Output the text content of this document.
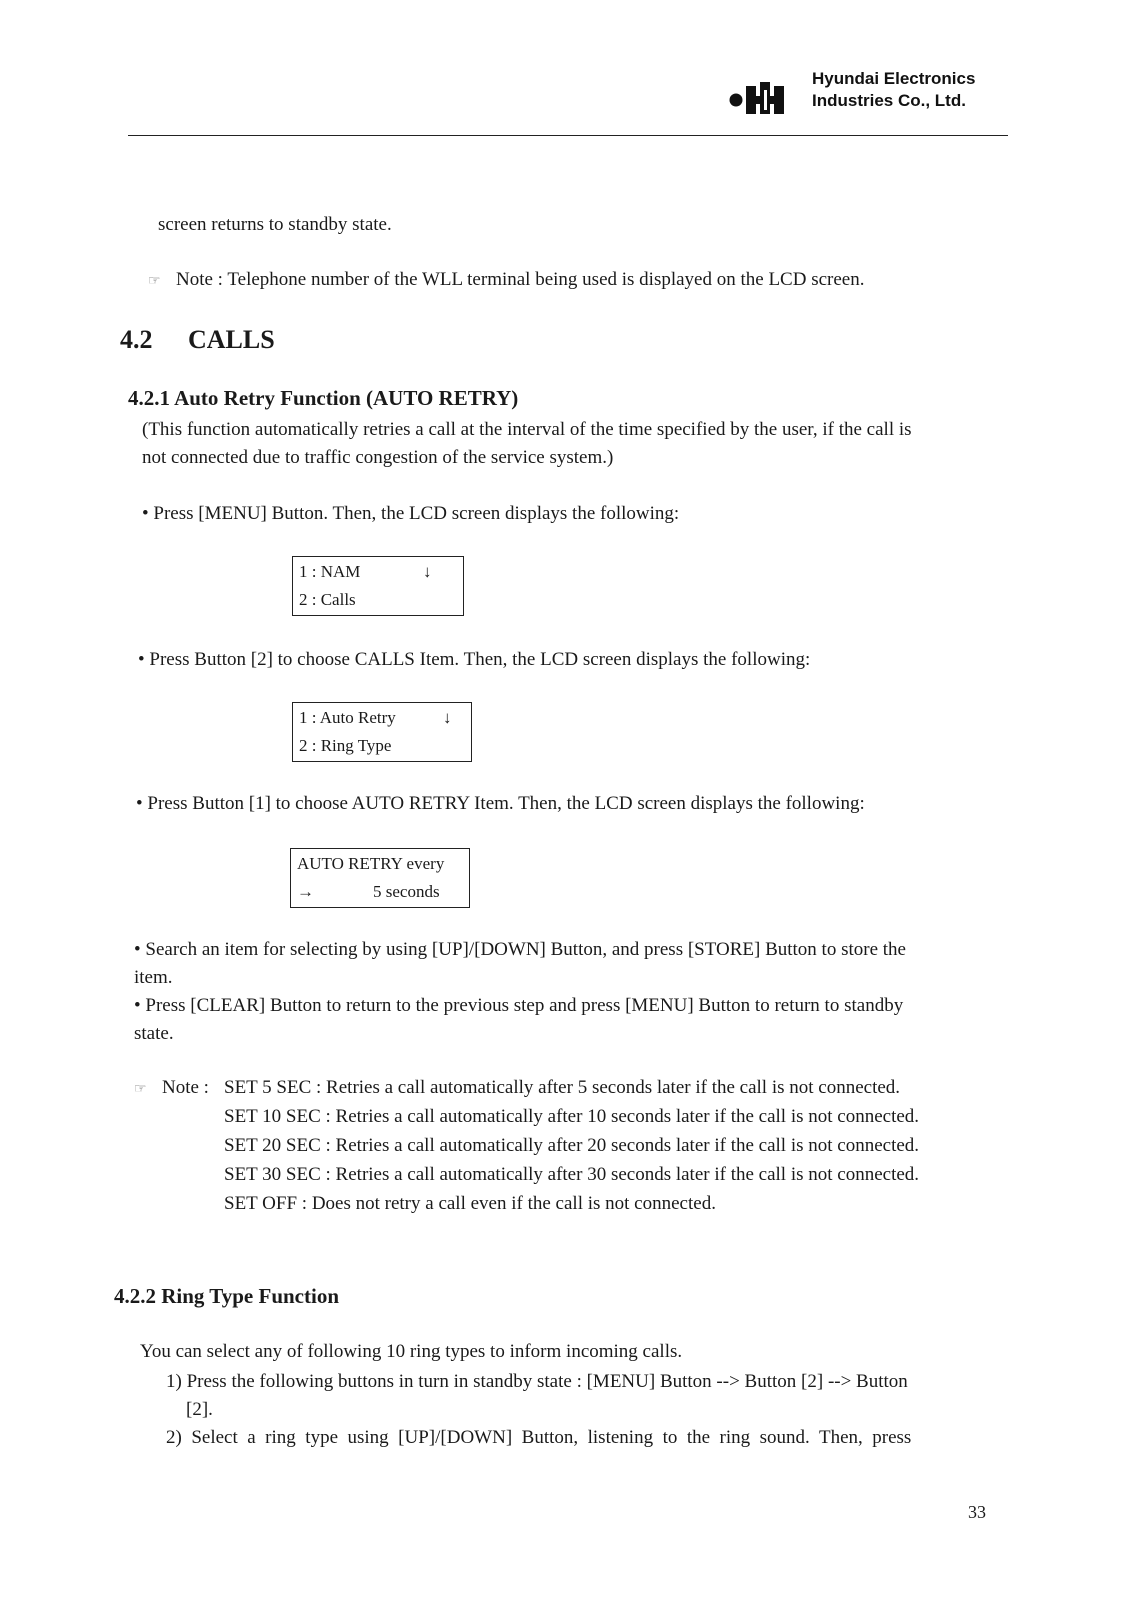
Hyundai Electronics
Industries Co., Ltd.
screen returns to standby state.
☞ Note : Telephone number of the WLL terminal being used is displayed on the LCD screen.
4.2 CALLS
4.2.1 Auto Retry Function (AUTO RETRY)
(This function automatically retries a call at the interval of the time specified by the user, if the call is
not connected due to traffic congestion of the service system.)
• Press [MENU] Button. Then, the LCD screen displays the following:
1 : NAM	↓
2 : Calls
• Press Button [2] to choose CALLS Item. Then, the LCD screen displays the following:
1 : Auto Retry	↓
2 : Ring Type
• Press Button [1] to choose AUTO RETRY Item. Then, the LCD screen displays the following:
AUTO RETRY every
→	5 seconds
• Search an item for selecting by using [UP]/[DOWN] Button, and press [STORE] Button to store the
item.
• Press [CLEAR] Button to return to the previous step and press [MENU] Button to return to standby
state.
☞ Note : SET 5 SEC : Retries a call automatically after 5 seconds later if the call is not connected.
SET 10 SEC : Retries a call automatically after 10 seconds later if the call is not connected.
SET 20 SEC : Retries a call automatically after 20 seconds later if the call is not connected.
SET 30 SEC : Retries a call automatically after 30 seconds later if the call is not connected.
SET OFF : Does not retry a call even if the call is not connected.
4.2.2 Ring Type Function
You can select any of following 10 ring types to inform incoming calls.
1) Press the following buttons in turn in standby state : [MENU] Button --> Button [2] --> Button
[2].
2)  Select  a  ring  type  using  [UP]/[DOWN]  Button,  listening  to  the  ring  sound.  Then,  press
33
